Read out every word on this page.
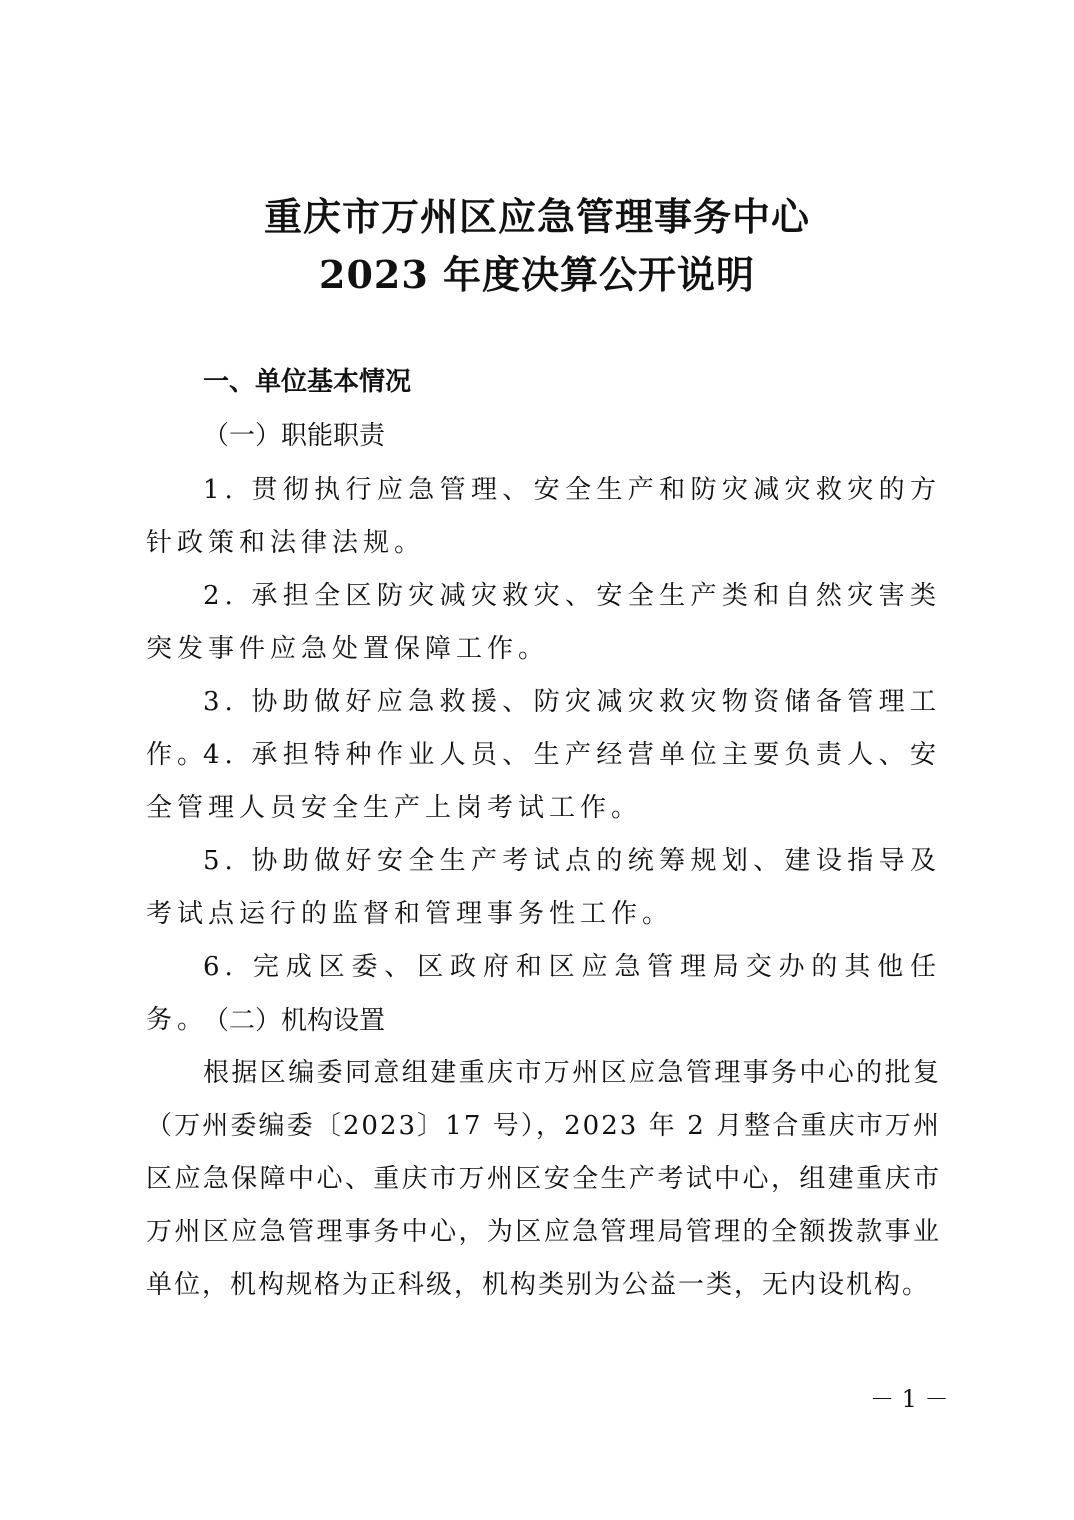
重庆市万州区应急管理事务中心
2023 年度决算公开说明
一、单位基本情况
（一）职能职责
1. 贯彻执行应急管理、安全生产和防灾减灾救灾的方针政策和法律法规。
2. 承担全区防灾减灾救灾、安全生产类和自然灾害类突发事件应急处置保障工作。
3. 协助做好应急救援、防灾减灾救灾物资储备管理工作。
4. 承担特种作业人员、生产经营单位主要负责人、安全管理人员安全生产上岗考试工作。
5. 协助做好安全生产考试点的统筹规划、建设指导及考试点运行的监督和管理事务性工作。
6. 完成区委、区政府和区应急管理局交办的其他任务。
（二）机构设置
根据区编委同意组建重庆市万州区应急管理事务中心的批复（万州委编委〔2023〕17 号），2023 年 2 月整合重庆市万州区应急保障中心、重庆市万州区安全生产考试中心，组建重庆市万州区应急管理事务中心，为区应急管理局管理的全额拨款事业单位，机构规格为正科级，机构类别为公益一类，无内设机构。
－ 1 －
